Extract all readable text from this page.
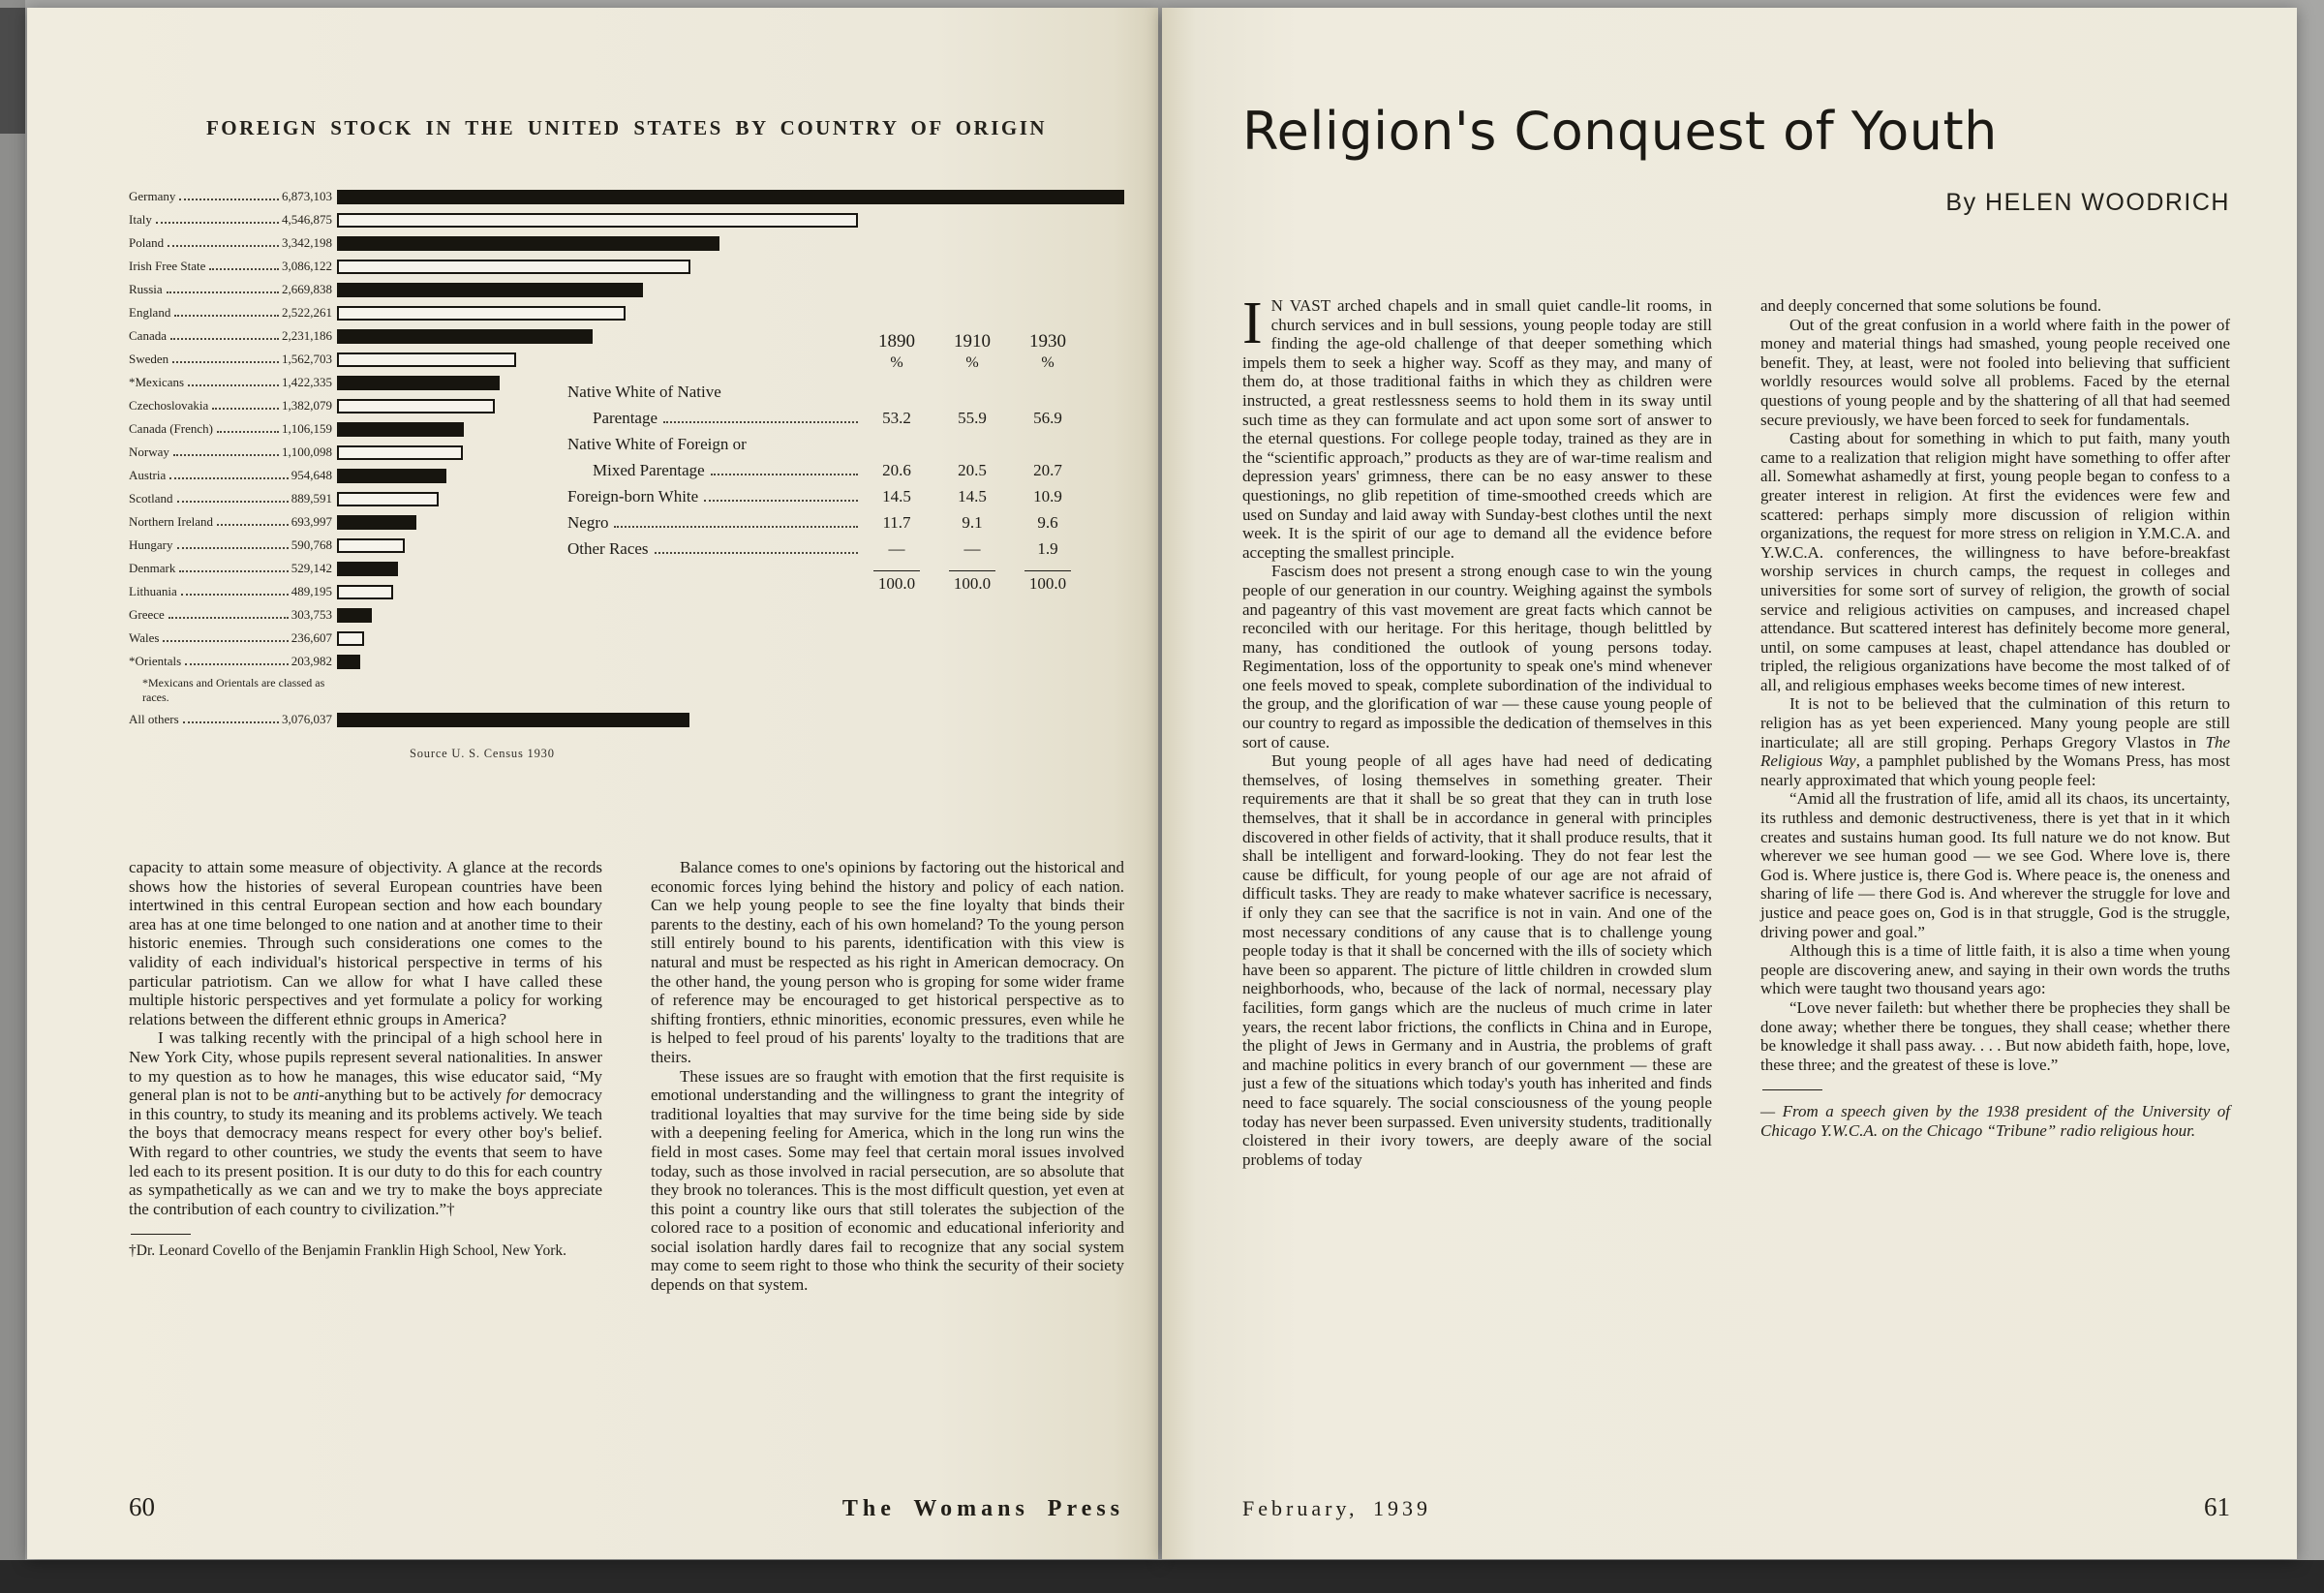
FOREIGN STOCK IN THE UNITED STATES BY COUNTRY OF ORIGIN
Germany	6,873,103
Italy	4,546,875
Poland	3,342,198
Irish Free State	3,086,122
Russia	2,669,838
England	2,522,261
Canada	2,231,186
Sweden	1,562,703
*Mexicans	1,422,335
Czechoslovakia	1,382,079
Canada (French)	1,106,159
Norway	1,100,098
Austria	954,648
Scotland	889,591
Northern Ireland	693,997
Hungary	590,768
Denmark	529,142
Lithuania	489,195
Greece	303,753
Wales	236,607
*Orientals	203,982
*Mexicans and Orientals are classed as races.
All others	3,076,037
	1890	1910	1930
	%	%	%
Native White of Native			

Parentage	53.2	55.9	56.9
Native White of Foreign or			

Mixed Parentage	20.6	20.5	20.7

Foreign-born White	14.5	14.5	10.9

Negro	11.7	9.1	9.6

Other Races	—	—	1.9
	100.0	100.0	100.0
Source U. S. Census 1930

capacity to attain some measure of objectivity. A glance at the records shows how the histories of several European countries have been intertwined in this central European section and how each boundary area has at one time belonged to one nation and at another time to their historic enemies. Through such considerations one comes to the validity of each individual's historical perspective in terms of his particular patriotism. Can we allow for what I have called these multiple historic perspectives and yet formulate a policy for working relations between the different ethnic groups in America?

I was talking recently with the principal of a high school here in New York City, whose pupils represent several nationalities. In answer to my question as to how he manages, this wise educator said, “My general plan is not to be anti-anything but to be actively for democracy in this country, to study its meaning and its problems actively. We teach the boys that democracy means respect for every other boy's belief. With regard to other countries, we study the events that seem to have led each to its present position. It is our duty to do this for each country as sympathetically as we can and we try to make the boys appreciate the contribution of each country to civilization.”†

†Dr. Leonard Covello of the Benjamin Franklin High School, New York.

Balance comes to one's opinions by factoring out the historical and economic forces lying behind the history and policy of each nation. Can we help young people to see the fine loyalty that binds their parents to the destiny, each of his own homeland? To the young person still entirely bound to his parents, identification with this view is natural and must be respected as his right in American democracy. On the other hand, the young person who is groping for some wider frame of reference may be encouraged to get historical perspective as to shifting frontiers, ethnic minorities, economic pressures, even while he is helped to feel proud of his parents' loyalty to the traditions that are theirs.

These issues are so fraught with emotion that the first requisite is emotional understanding and the willingness to grant the integrity of traditional loyalties that may survive for the time being side by side with a deepening feeling for America, which in the long run wins the field in most cases. Some may feel that certain moral issues involved today, such as those involved in racial persecution, are so absolute that they brook no tolerances. This is the most difficult question, yet even at this point a country like ours that still tolerates the subjection of the colored race to a position of economic and educational inferiority and social isolation hardly dares fail to recognize that any social system may come to seem right to those who think the security of their society depends on that system.

60	The Womans Press
Religion's Conquest of Youth
By HELEN WOODRICH

IN VAST arched chapels and in small quiet candle-lit rooms, in church services and in bull sessions, young people today are still finding the age-old challenge of that deeper something which impels them to seek a higher way. Scoff as they may, and many of them do, at those traditional faiths in which they as children were instructed, a great restlessness seems to hold them in its sway until such time as they can formulate and act upon some sort of answer to the eternal questions. For college people today, trained as they are in the “scientific approach,” products as they are of war-time realism and depression years' grimness, there can be no easy answer to these questionings, no glib repetition of time-smoothed creeds which are used on Sunday and laid away with Sunday-best clothes until the next week. It is the spirit of our age to demand all the evidence before accepting the smallest principle.

Fascism does not present a strong enough case to win the young people of our generation in our country. Weighing against the symbols and pageantry of this vast movement are great facts which cannot be reconciled with our heritage. For this heritage, though belittled by many, has conditioned the outlook of young persons today. Regimentation, loss of the opportunity to speak one's mind whenever one feels moved to speak, complete subordination of the individual to the group, and the glorification of war — these cause young people of our country to regard as impossible the dedication of themselves in this sort of cause.

But young people of all ages have had need of dedicating themselves, of losing themselves in something greater. Their requirements are that it shall be so great that they can in truth lose themselves, that it shall be in accordance in general with principles discovered in other fields of activity, that it shall produce results, that it shall be intelligent and forward-looking. They do not fear lest the cause be difficult, for young people of our age are not afraid of difficult tasks. They are ready to make whatever sacrifice is necessary, if only they can see that the sacrifice is not in vain. And one of the most necessary conditions of any cause that is to challenge young people today is that it shall be concerned with the ills of society which have been so apparent. The picture of little children in crowded slum neighborhoods, who, because of the lack of normal, necessary play facilities, form gangs which are the nucleus of much crime in later years, the recent labor frictions, the conflicts in China and in Europe, the plight of Jews in Germany and in Austria, the problems of graft and machine politics in every branch of our government — these are just a few of the situations which today's youth has inherited and finds need to face squarely. The social consciousness of the young people today has never been surpassed. Even university students, traditionally cloistered in their ivory towers, are deeply aware of the social problems of today

and deeply concerned that some solutions be found.

Out of the great confusion in a world where faith in the power of money and material things had smashed, young people received one benefit. They, at least, were not fooled into believing that sufficient worldly resources would solve all problems. Faced by the eternal questions of young people and by the shattering of all that had seemed secure previously, we have been forced to seek for fundamentals.

Casting about for something in which to put faith, many youth came to a realization that religion might have something to offer after all. Somewhat ashamedly at first, young people began to confess to a greater interest in religion. At first the evidences were few and scattered: perhaps simply more discussion of religion within organizations, the request for more stress on religion in Y.M.C.A. and Y.W.C.A. conferences, the willingness to have before-breakfast worship services in church camps, the request in colleges and universities for some sort of survey of religion, the growth of social service and religious activities on campuses, and increased chapel attendance. But scattered interest has definitely become more general, until, on some campuses at least, chapel attendance has doubled or tripled, the religious organizations have become the most talked of of all, and religious emphases weeks become times of new interest.

It is not to be believed that the culmination of this return to religion has as yet been experienced. Many young people are still inarticulate; all are still groping. Perhaps Gregory Vlastos in The Religious Way, a pamphlet published by the Womans Press, has most nearly approximated that which young people feel:

“Amid all the frustration of life, amid all its chaos, its uncertainty, its ruthless and demonic destructiveness, there is yet that in it which creates and sustains human good. Its full nature we do not know. But wherever we see human good — we see God. Where love is, there God is. Where justice is, there God is. Where peace is, the oneness and sharing of life — there God is. And wherever the struggle for love and justice and peace goes on, God is in that struggle, God is the struggle, driving power and goal.”

Although this is a time of little faith, it is also a time when young people are discovering anew, and saying in their own words the truths which were taught two thousand years ago:

“Love never faileth: but whether there be prophecies they shall be done away; whether there be tongues, they shall cease; whether there be knowledge it shall pass away. . . . But now abideth faith, hope, love, these three; and the greatest of these is love.”

— From a speech given by the 1938 president of the University of Chicago Y.W.C.A. on the Chicago “Tribune” radio religious hour.

February, 1939	61
